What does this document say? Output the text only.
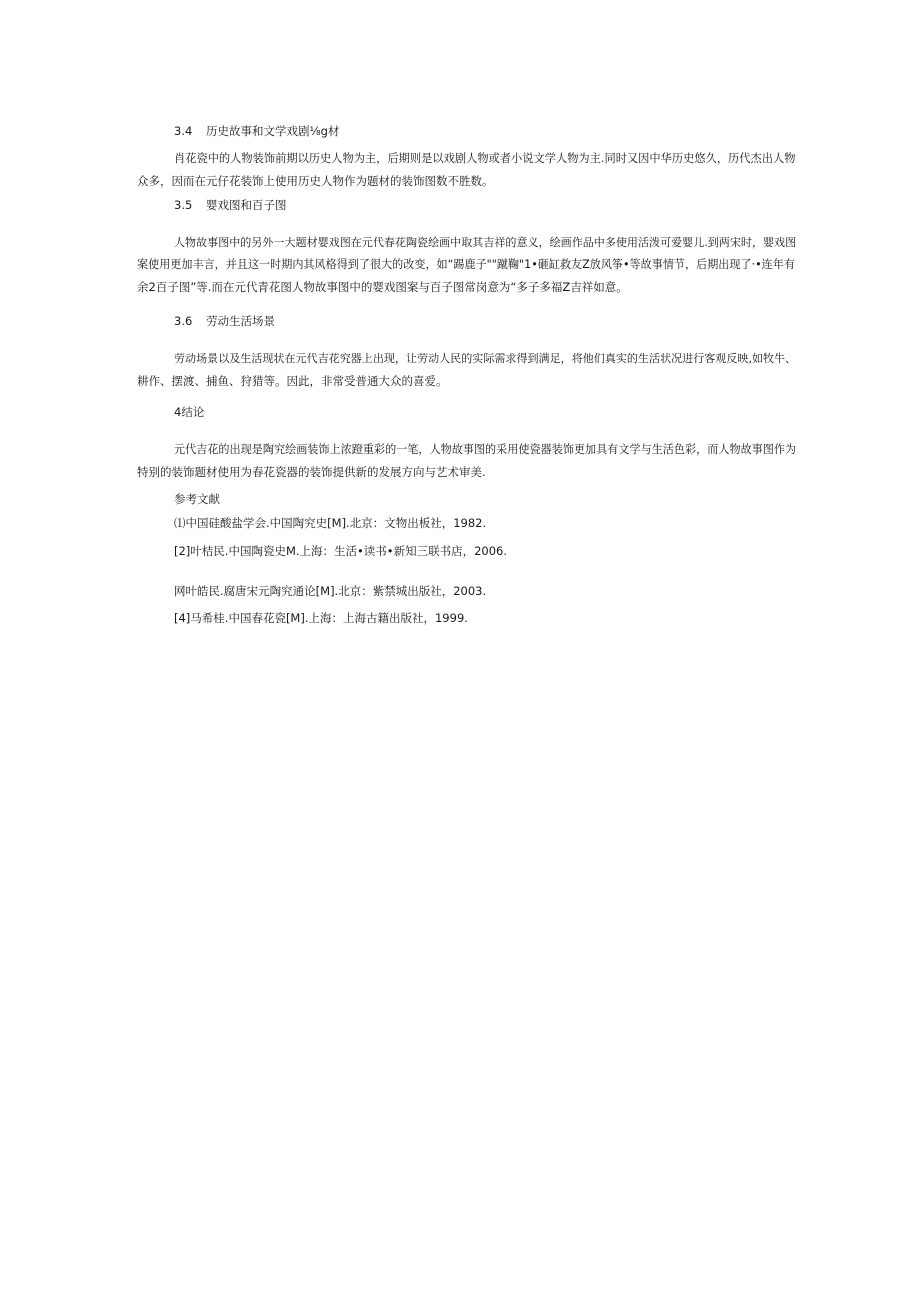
3.4 历史故事和文学戏剧⅛g材

肖花瓷中的人物装饰前期以历史人物为主，后期则是以戏剧人物或者小说文学人物为主.同时又因中华历史悠久，历代杰出人物
众多，因而在元仔花装饰上使用历史人物作为题材的装饰图数不胜数。

3.5 婴戏图和百子图

人物故事图中的另外一大题材婴戏图在元代春花陶瓷绘画中取其吉祥的意义，绘画作品中多使用活泼可爱婴儿.到两宋时，婴戏图
案使用更加丰言，并且这一时期内其风格得到了很大的改变，如“踢鹿子""蹴鞠"1•砸缸救友Z放风筝•等故事情节，后期出现了·•连年有
余2百子图”等.而在元代青花图人物故事图中的婴戏图案与百子图常岗意为“多子多福Z吉祥如意。

3.6 劳动生活场景

劳动场景以及生活现状在元代吉花究器上出现，让劳动人民的实际需求得到满足，将他们真实的生活状况进行客观反映,如牧牛、
耕作、摆渡、捕鱼、狩猎等。因此，非常受普通大众的喜爱。

4结论

元代吉花的出现是陶究绘画装饰上浓蹬重彩的一笔，人物故事图的采用使瓷器装饰更加具有文学与生活色彩，而人物故事图作为
特别的装饰题材使用为春花瓷器的装饰提供新的发展方向与艺术审美.

参考文献
⑴中国硅酸盐学会.中国陶究史[M].北京：文物出板社，1982.
[2]叶桔民.中国陶瓷史M.上海：生活•读书•新知三联书店，2006.
网叶皓民.腐唐宋元陶究通论[M].北京：紫禁城出版社，2003.
[4]马希桂.中国春花瓷[M].上海：上海古籍出版社，1999.
